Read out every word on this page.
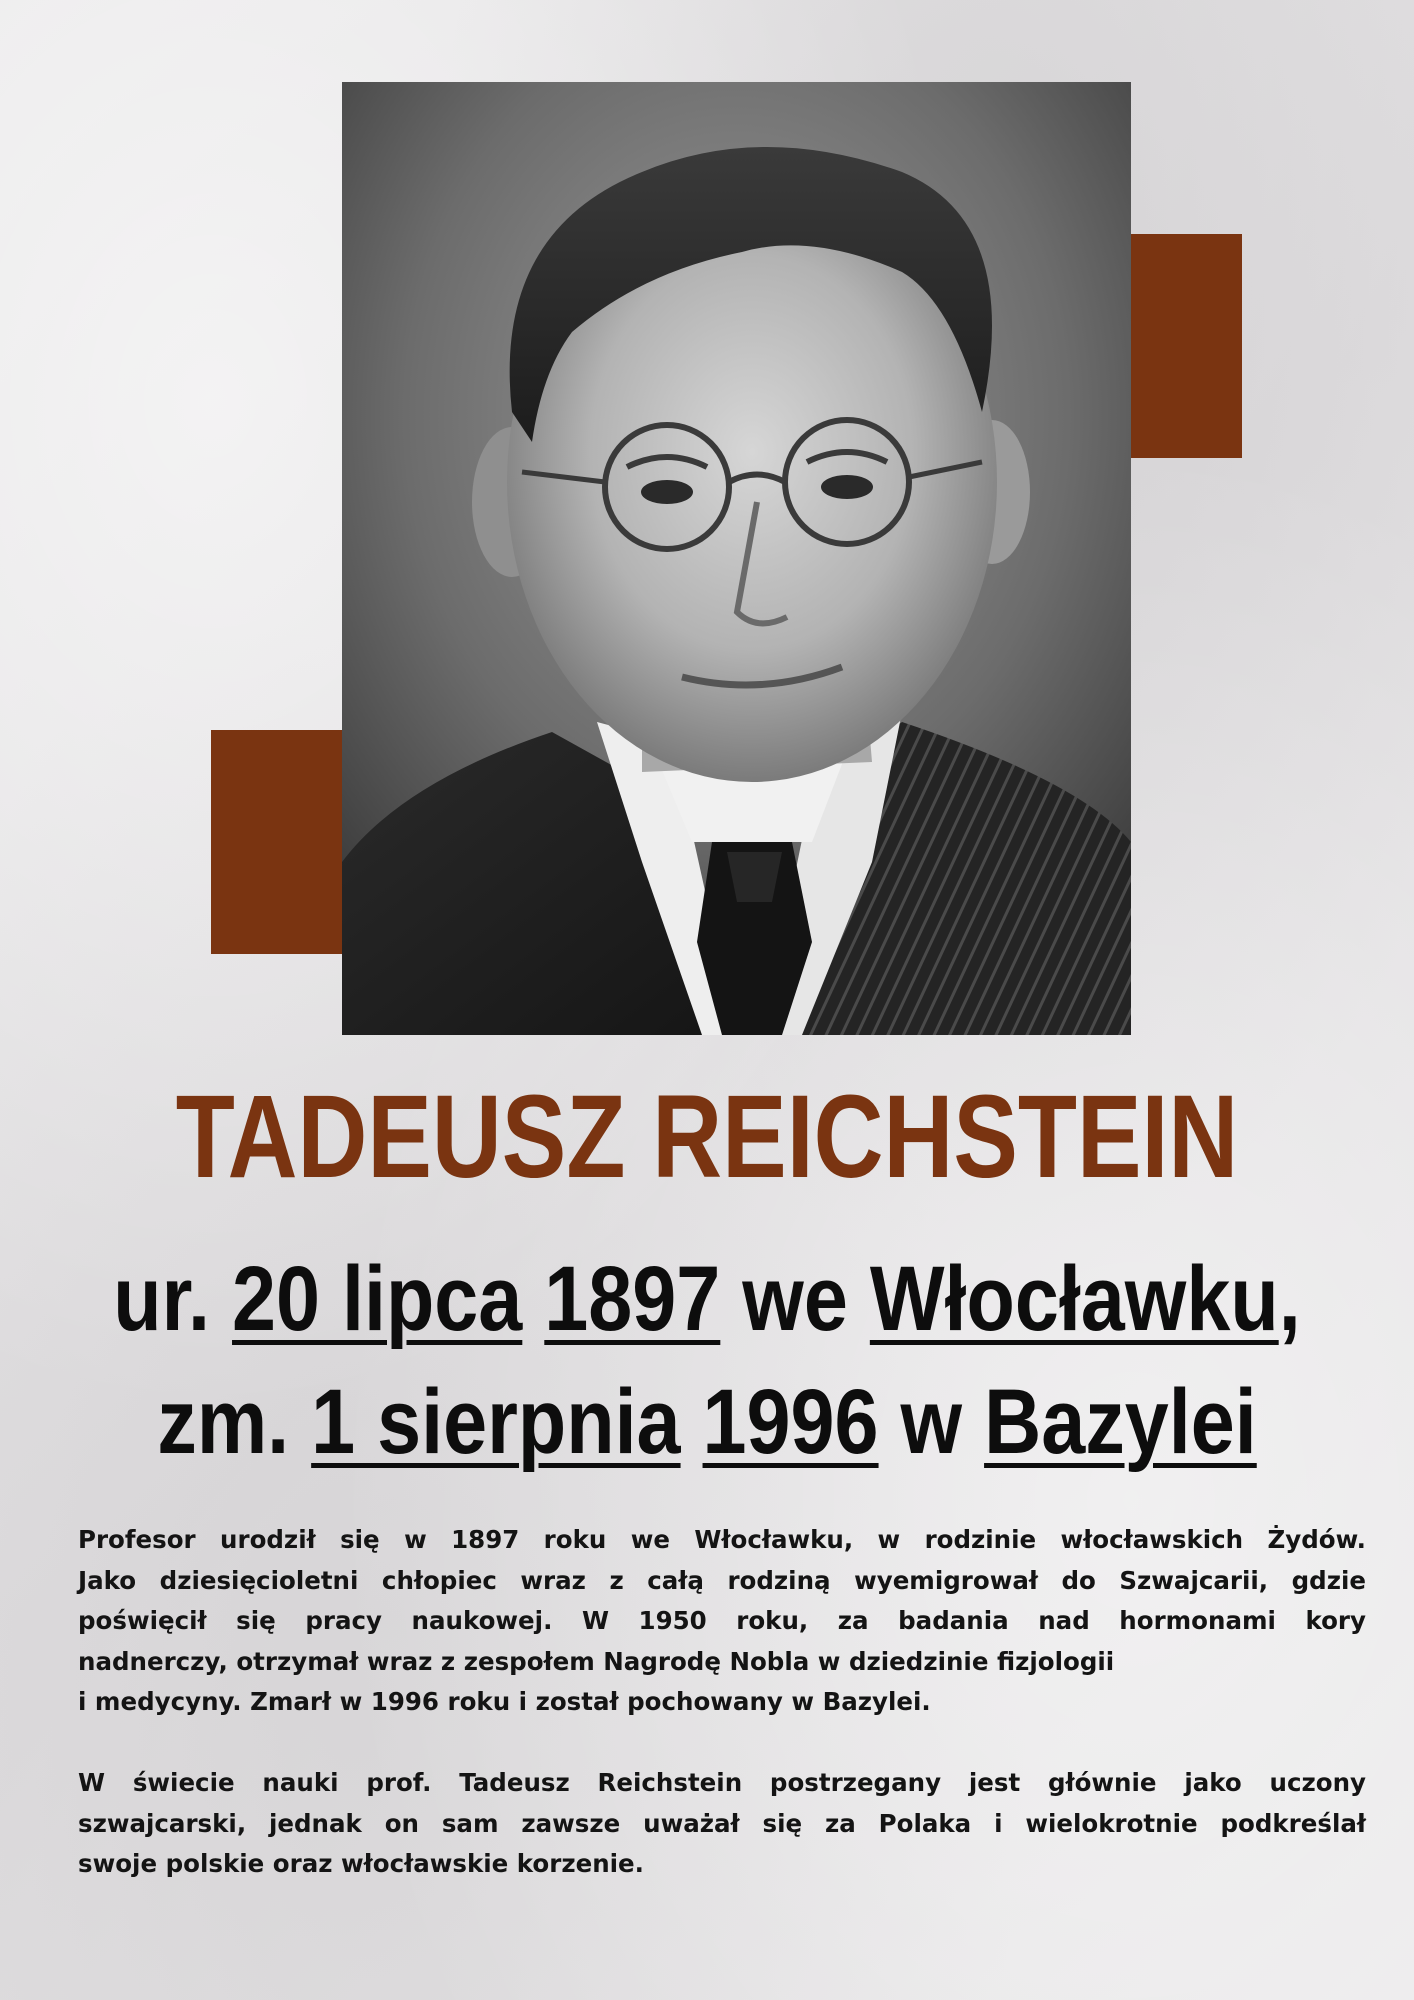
TADEUSZ REICHSTEIN

ur. 20 lipca 1897 we Włocławku,

zm. 1 sierpnia 1996 w Bazylei

Profesor urodził się w 1897 roku we Włocławku, w rodzinie włocławskich Żydów.
Jako dziesięcioletni chłopiec wraz z całą rodziną wyemigrował do Szwajcarii, gdzie
poświęcił się pracy naukowej. W 1950 roku, za badania nad hormonami kory
nadnerczy, otrzymał wraz z zespołem Nagrodę Nobla w dziedzinie fizjologii
i medycyny. Zmarł w 1996 roku i został pochowany w Bazylei.
W świecie nauki prof. Tadeusz Reichstein postrzegany jest głównie jako uczony
szwajcarski, jednak on sam zawsze uważał się za Polaka i wielokrotnie podkreślał
swoje polskie oraz włocławskie korzenie.
